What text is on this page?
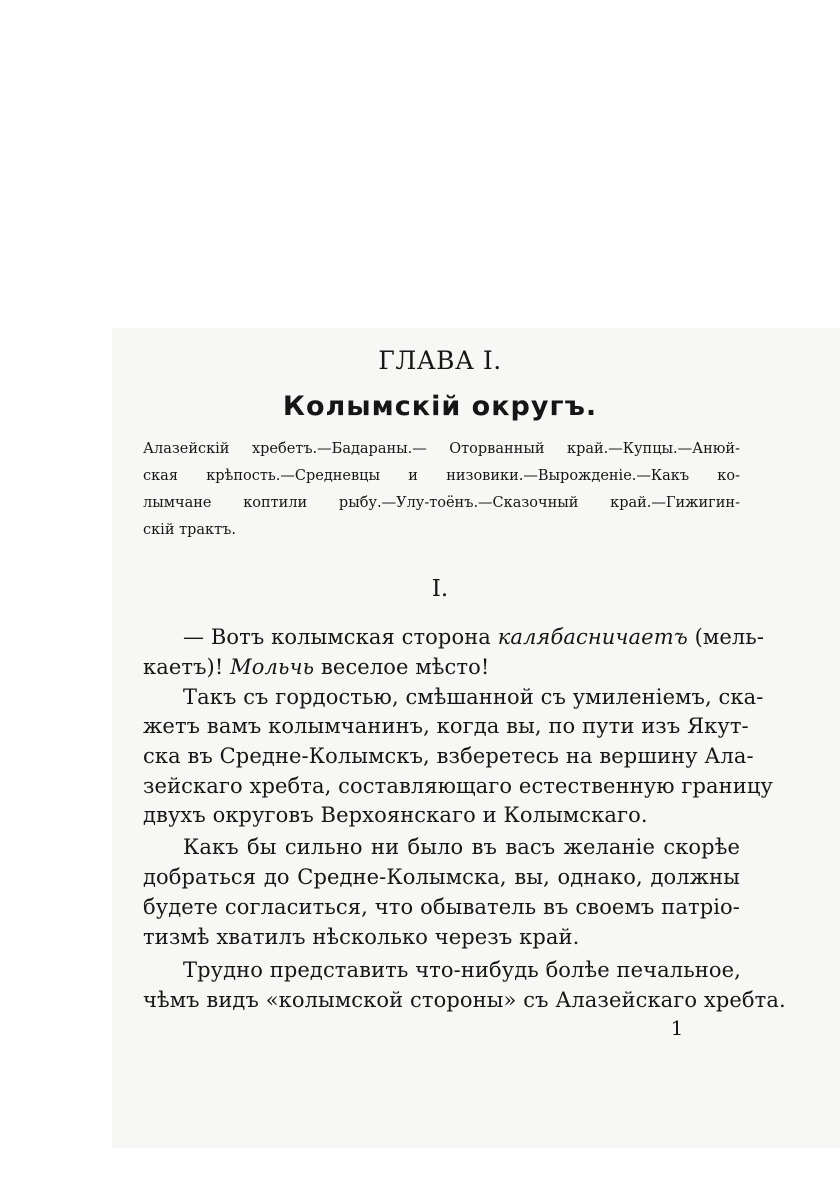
ГЛАВА I.
Колымскій округъ.
Алазейскій хребетъ.—Бадараны.— Оторванный край.—Купцы.—Анюй-
ская крѣпость.—Средневцы и низовики.—Вырожденіе.—Какъ ко-
лымчане коптили рыбу.—Улу-тоёнъ.—Сказочный край.—Гижигин-
скій трактъ.
I.
— Вотъ колымская сторона калябасничаетъ (мель-
каетъ)! Мольчь веселое мѣсто!
Такъ съ гордостью, смѣшанной съ умиленіемъ, ска-
жетъ вамъ колымчанинъ, когда вы, по пути изъ Якут-
ска въ Средне-Колымскъ, взберетесь на вершину Ала-
зейскаго хребта, составляющаго естественную границу
двухъ округовъ Верхоянскаго и Колымскаго.
Какъ бы сильно ни было въ васъ желаніе скорѣе
добраться до Средне-Колымска, вы, однако, должны
будете согласиться, что обыватель въ своемъ патріо-
тизмѣ хватилъ нѣсколько черезъ край.
Трудно представить что-нибудь болѣе печальное,
чѣмъ видъ «колымской стороны» съ Алазейскаго хребта.
1
